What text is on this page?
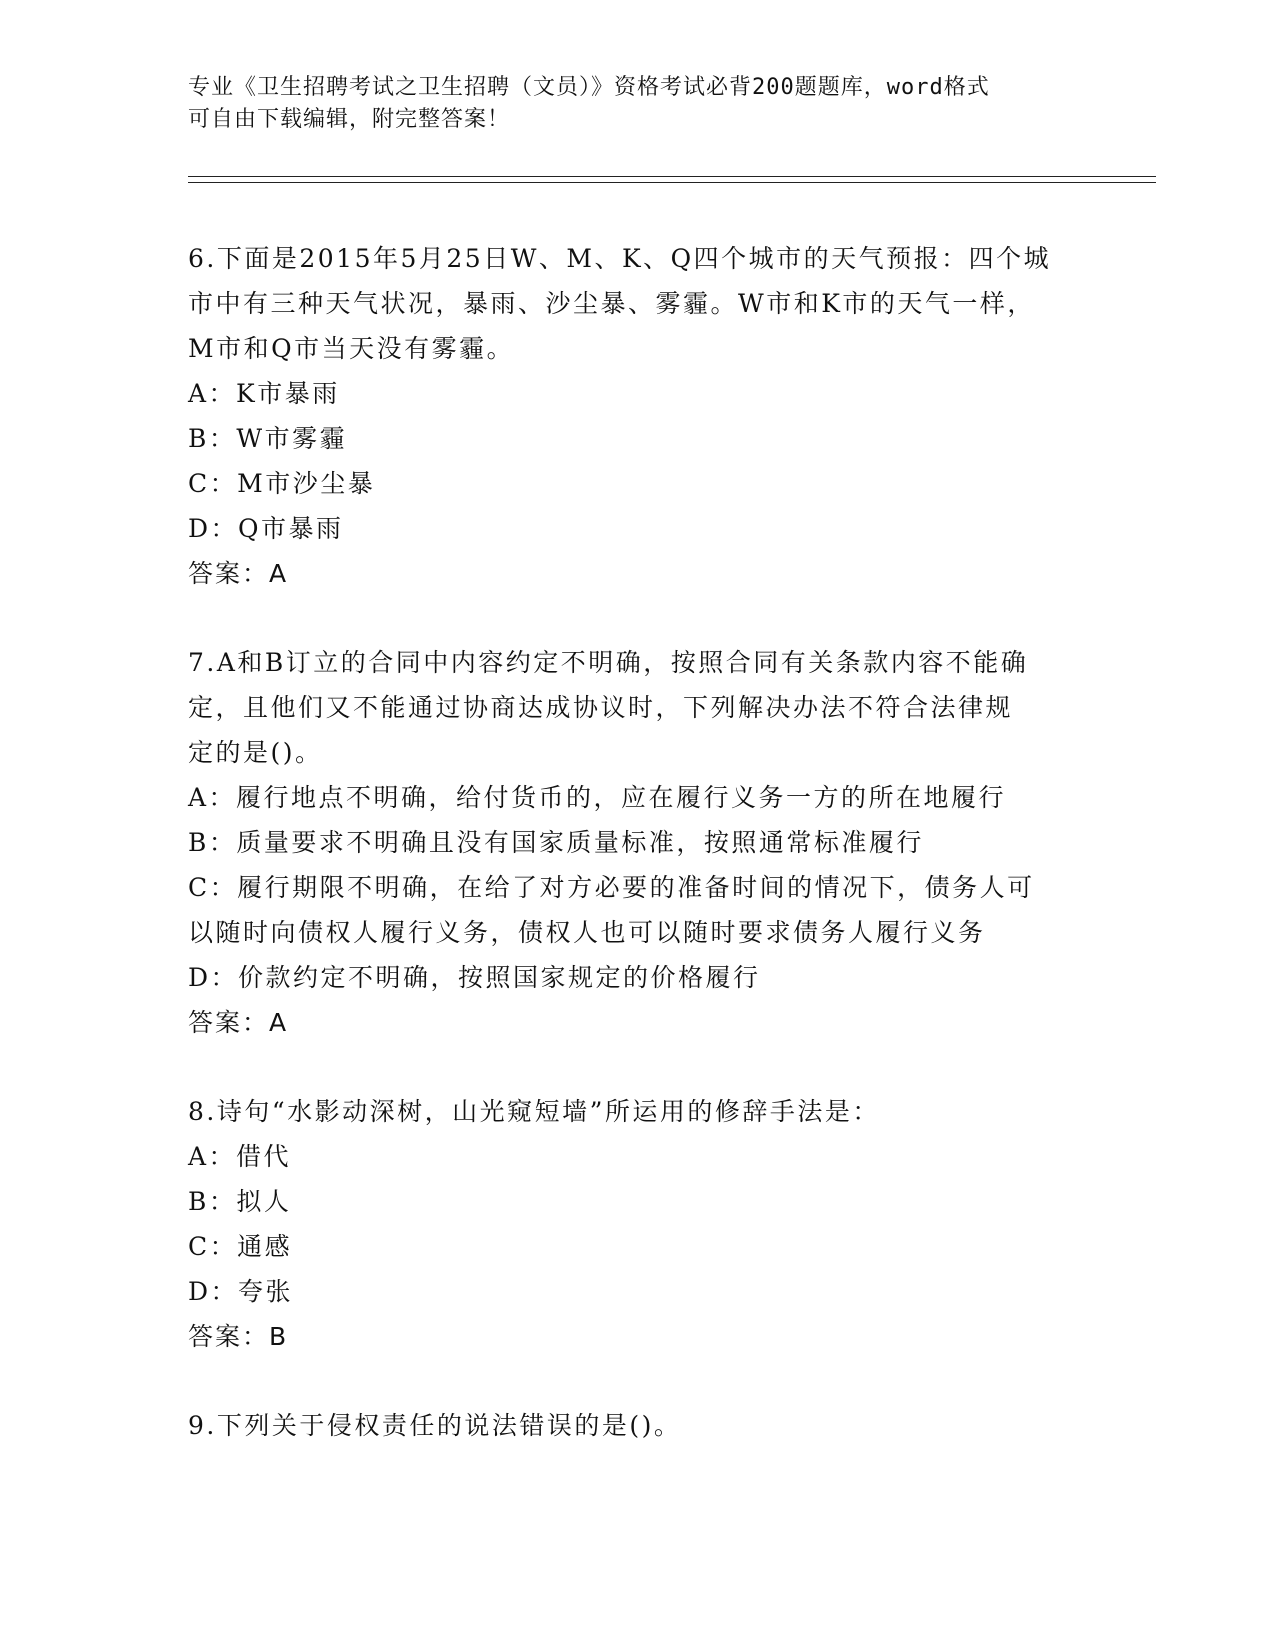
专业《卫生招聘考试之卫生招聘（文员）》资格考试必背200题题库，word格式
可自由下载编辑，附完整答案！
6.下面是2015年5月25日W、M、K、Q四个城市的天气预报：四个城
市中有三种天气状况，暴雨、沙尘暴、雾霾。W市和K市的天气一样，
M市和Q市当天没有雾霾。
A：K市暴雨
B：W市雾霾
C：M市沙尘暴
D：Q市暴雨
答案：A
7.A和B订立的合同中内容约定不明确，按照合同有关条款内容不能确
定，且他们又不能通过协商达成协议时，下列解决办法不符合法律规
定的是()。
A：履行地点不明确，给付货币的，应在履行义务一方的所在地履行
B：质量要求不明确且没有国家质量标准，按照通常标准履行
C：履行期限不明确，在给了对方必要的准备时间的情况下，债务人可
以随时向债权人履行义务，债权人也可以随时要求债务人履行义务
D：价款约定不明确，按照国家规定的价格履行
答案：A
8.诗句“水影动深树，山光窥短墙”所运用的修辞手法是：
A：借代
B：拟人
C：通感
D：夸张
答案：B
9.下列关于侵权责任的说法错误的是()。
